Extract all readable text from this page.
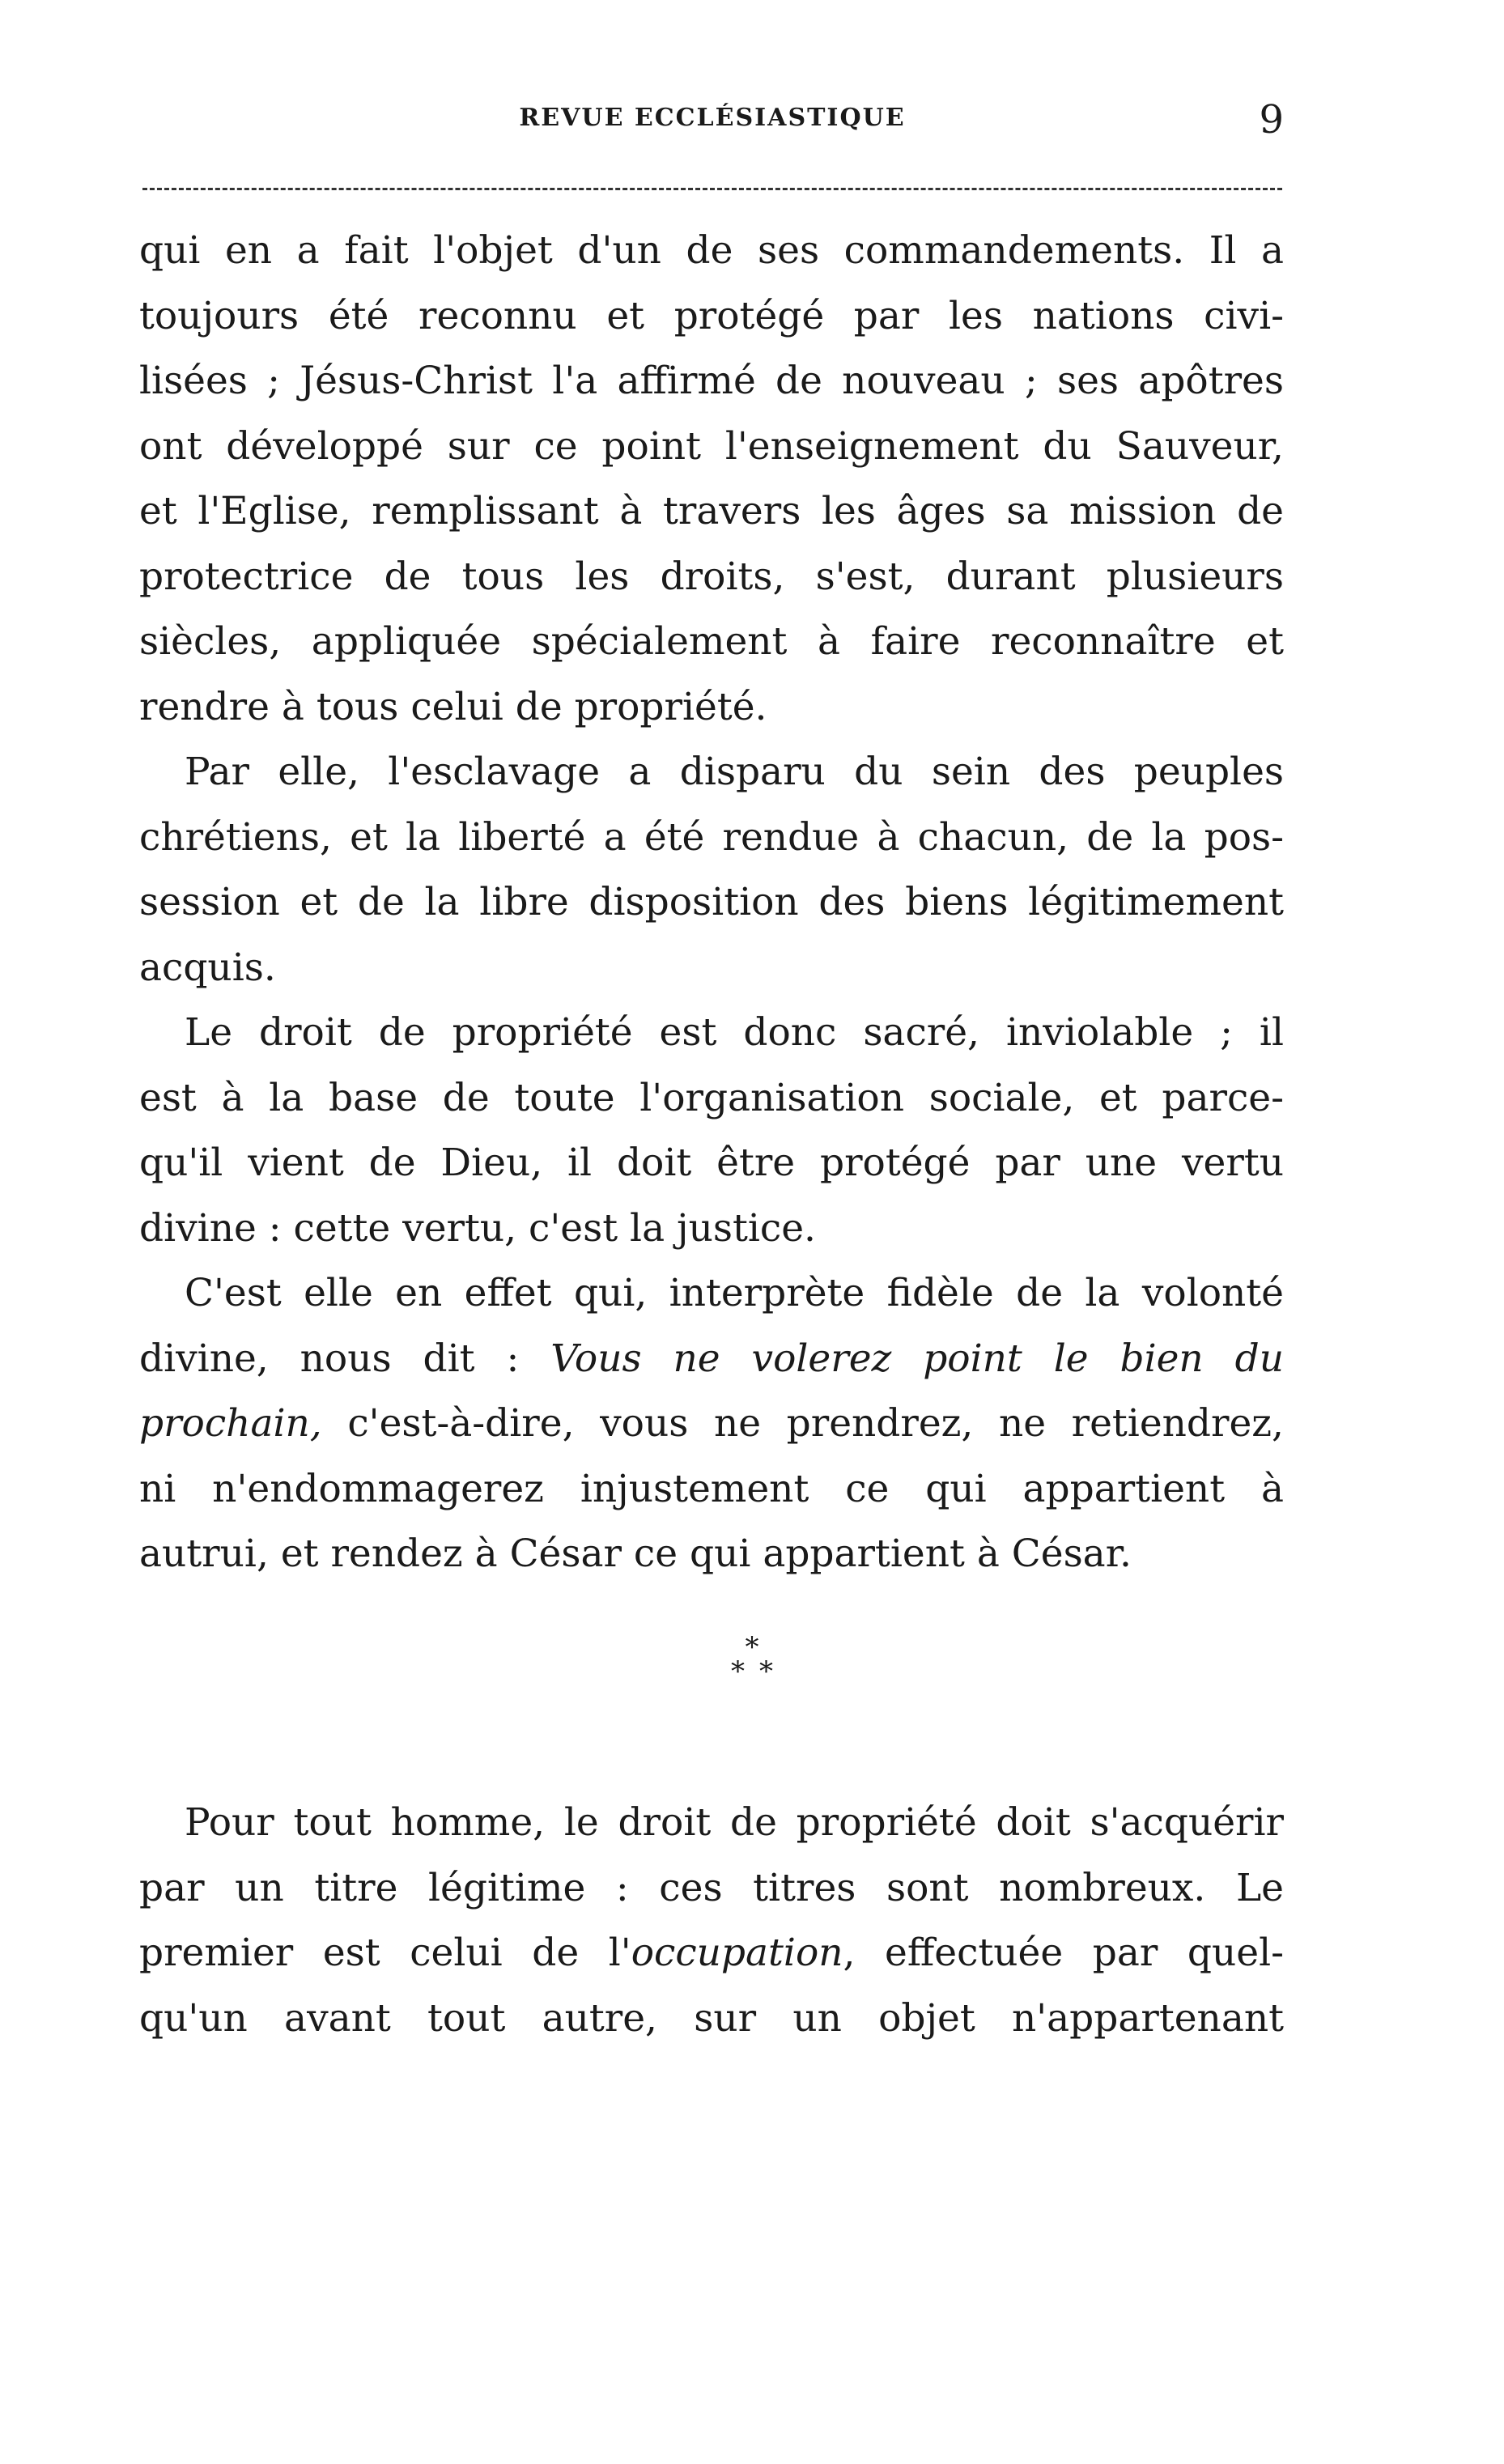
REVUE ECCLÉSIASTIQUE	9
qui en a fait l'objet d'un de ses commandements. Il a
toujours été reconnu et protégé par les nations civi-
lisées ; Jésus-Christ l'a affirmé de nouveau ; ses apôtres
ont développé sur ce point l'enseignement du Sauveur,
et l'Eglise, remplissant à travers les âges sa mission de
protectrice de tous les droits, s'est, durant plusieurs
siècles, appliquée spécialement à faire reconnaître et
rendre à tous celui de propriété.
Par elle, l'esclavage a disparu du sein des peuples
chrétiens, et la liberté a été rendue à chacun, de la pos-
session et de la libre disposition des biens légitimement
acquis.
Le droit de propriété est donc sacré, inviolable ; il
est à la base de toute l'organisation sociale, et parce-
qu'il vient de Dieu, il doit être protégé par une vertu
divine : cette vertu, c'est la justice.
C'est elle en effet qui, interprète fidèle de la volonté
divine, nous dit : Vous ne volerez point le bien du
prochain, c'est-à-dire, vous ne prendrez, ne retiendrez,
ni n'endommagerez injustement ce qui appartient à
autrui, et rendez à César ce qui appartient à César.
*
**
Pour tout homme, le droit de propriété doit s'acquérir
par un titre légitime : ces titres sont nombreux. Le
premier est celui de l'occupation, effectuée par quel-
qu'un avant tout autre, sur un objet n'appartenant
